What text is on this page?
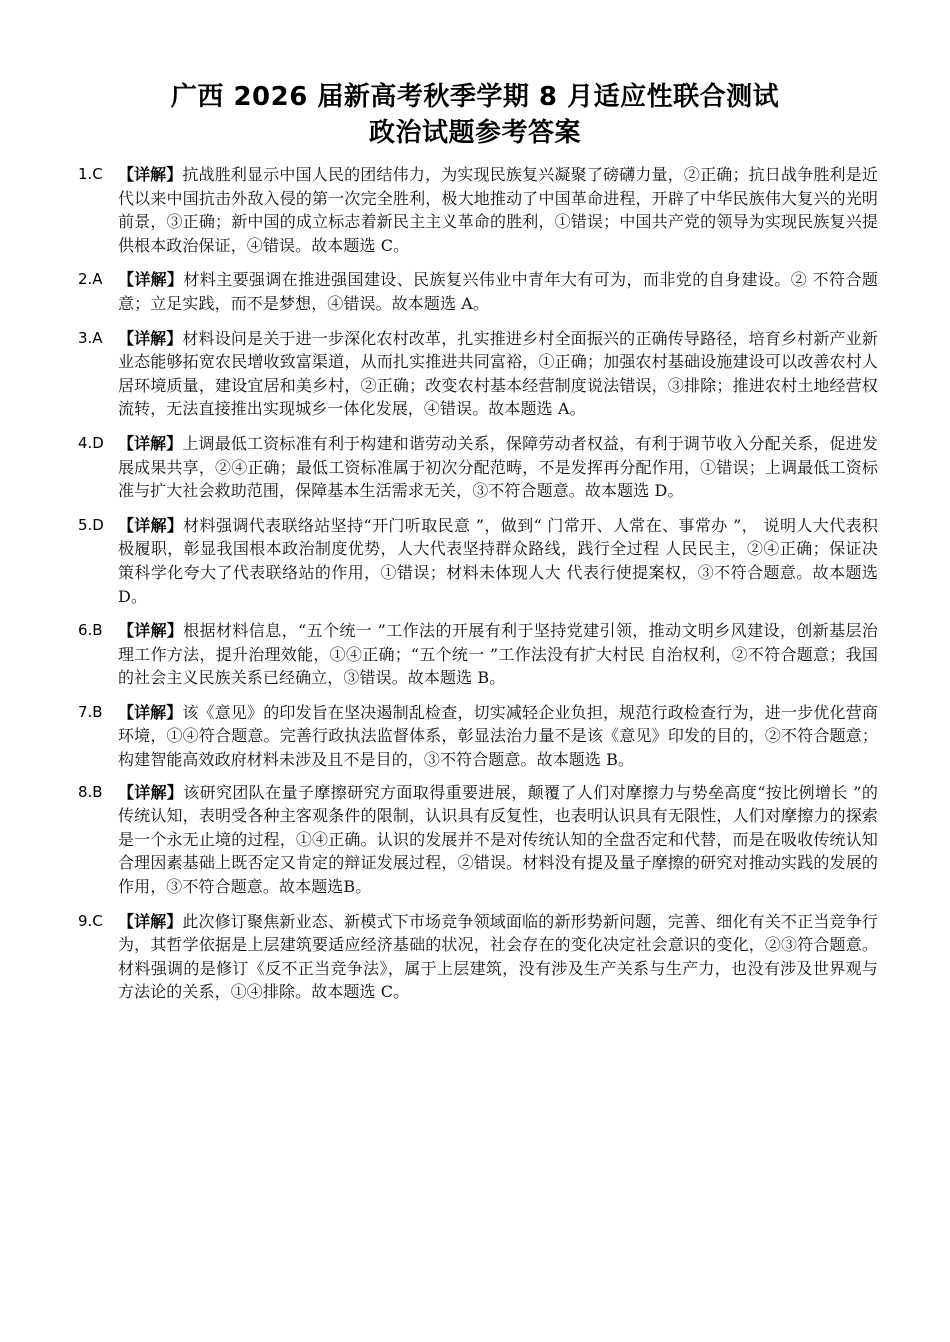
广西 2026 届新高考秋季学期 8 月适应性联合测试
政治试题参考答案
1.C 【详解】抗战胜利显示中国人民的团结伟力，为实现民族复兴凝聚了磅礴力量，②正确；抗日战争胜利是近代以来中国抗击外敌入侵的第一次完全胜利，极大地推动了中国革命进程，开辟了中华民族伟大复兴的光明前景，③正确；新中国的成立标志着新民主主义革命的胜利，①错误；中国共产党的领导为实现民族复兴提供根本政治保证，④错误。故本题选 C。
2.A 【详解】材料主要强调在推进强国建设、民族复兴伟业中青年大有可为，而非党的自身建设。② 不符合题意；立足实践，而不是梦想，④错误。故本题选 A。
3.A 【详解】材料设问是关于进一步深化农村改革，扎实推进乡村全面振兴的正确传导路径，培育乡村新产业新业态能够拓宽农民增收致富渠道，从而扎实推进共同富裕，①正确；加强农村基础设施建设可以改善农村人居环境质量，建设宜居和美乡村，②正确；改变农村基本经营制度说法错误，③排除；推进农村土地经营权流转，无法直接推出实现城乡一体化发展，④错误。故本题选 A。
4.D 【详解】上调最低工资标准有利于构建和谐劳动关系，保障劳动者权益，有利于调节收入分配关系，促进发展成果共享，②④正确；最低工资标准属于初次分配范畴，不是发挥再分配作用，①错误；上调最低工资标准与扩大社会救助范围，保障基本生活需求无关，③不符合题意。故本题选 D。
5.D 【详解】材料强调代表联络站坚持“开门听取民意 ”，做到“ 门常开、人常在、事常办 ”， 说明人大代表积极履职，彰显我国根本政治制度优势，人大代表坚持群众路线，践行全过程 人民民主，②④正确；保证决策科学化夸大了代表联络站的作用，①错误；材料未体现人大 代表行使提案权，③不符合题意。故本题选 D。
6.B 【详解】根据材料信息，“五个统一 ”工作法的开展有利于坚持党建引领，推动文明乡风建设，创新基层治理工作方法，提升治理效能，①④正确；“五个统一 ”工作法没有扩大村民 自治权利，②不符合题意；我国的社会主义民族关系已经确立，③错误。故本题选 B。
7.B 【详解】该《意见》的印发旨在坚决遏制乱检查，切实减轻企业负担，规范行政检查行为，进一步优化营商环境，①④符合题意。完善行政执法监督体系，彰显法治力量不是该《意见》印发的目的，②不符合题意；构建智能高效政府材料未涉及且不是目的，③不符合题意。故本题选 B。
8.B 【详解】该研究团队在量子摩擦研究方面取得重要进展，颠覆了人们对摩擦力与势垒高度“按比例增长 ”的传统认知，表明受各种主客观条件的限制，认识具有反复性，也表明认识具有无限性，人们对摩擦力的探索是一个永无止境的过程，①④正确。认识的发展并不是对传统认知的全盘否定和代替，而是在吸收传统认知合理因素基础上既否定又肯定的辩证发展过程，②错误。材料没有提及量子摩擦的研究对推动实践的发展的作用，③不符合题意。故本题选B。
9.C 【详解】此次修订聚焦新业态、新模式下市场竞争领域面临的新形势新问题，完善、细化有关不正当竞争行为，其哲学依据是上层建筑要适应经济基础的状况，社会存在的变化决定社会意识的变化，②③符合题意。材料强调的是修订《反不正当竞争法》，属于上层建筑，没有涉及生产关系与生产力，也没有涉及世界观与方法论的关系，①④排除。故本题选 C。
